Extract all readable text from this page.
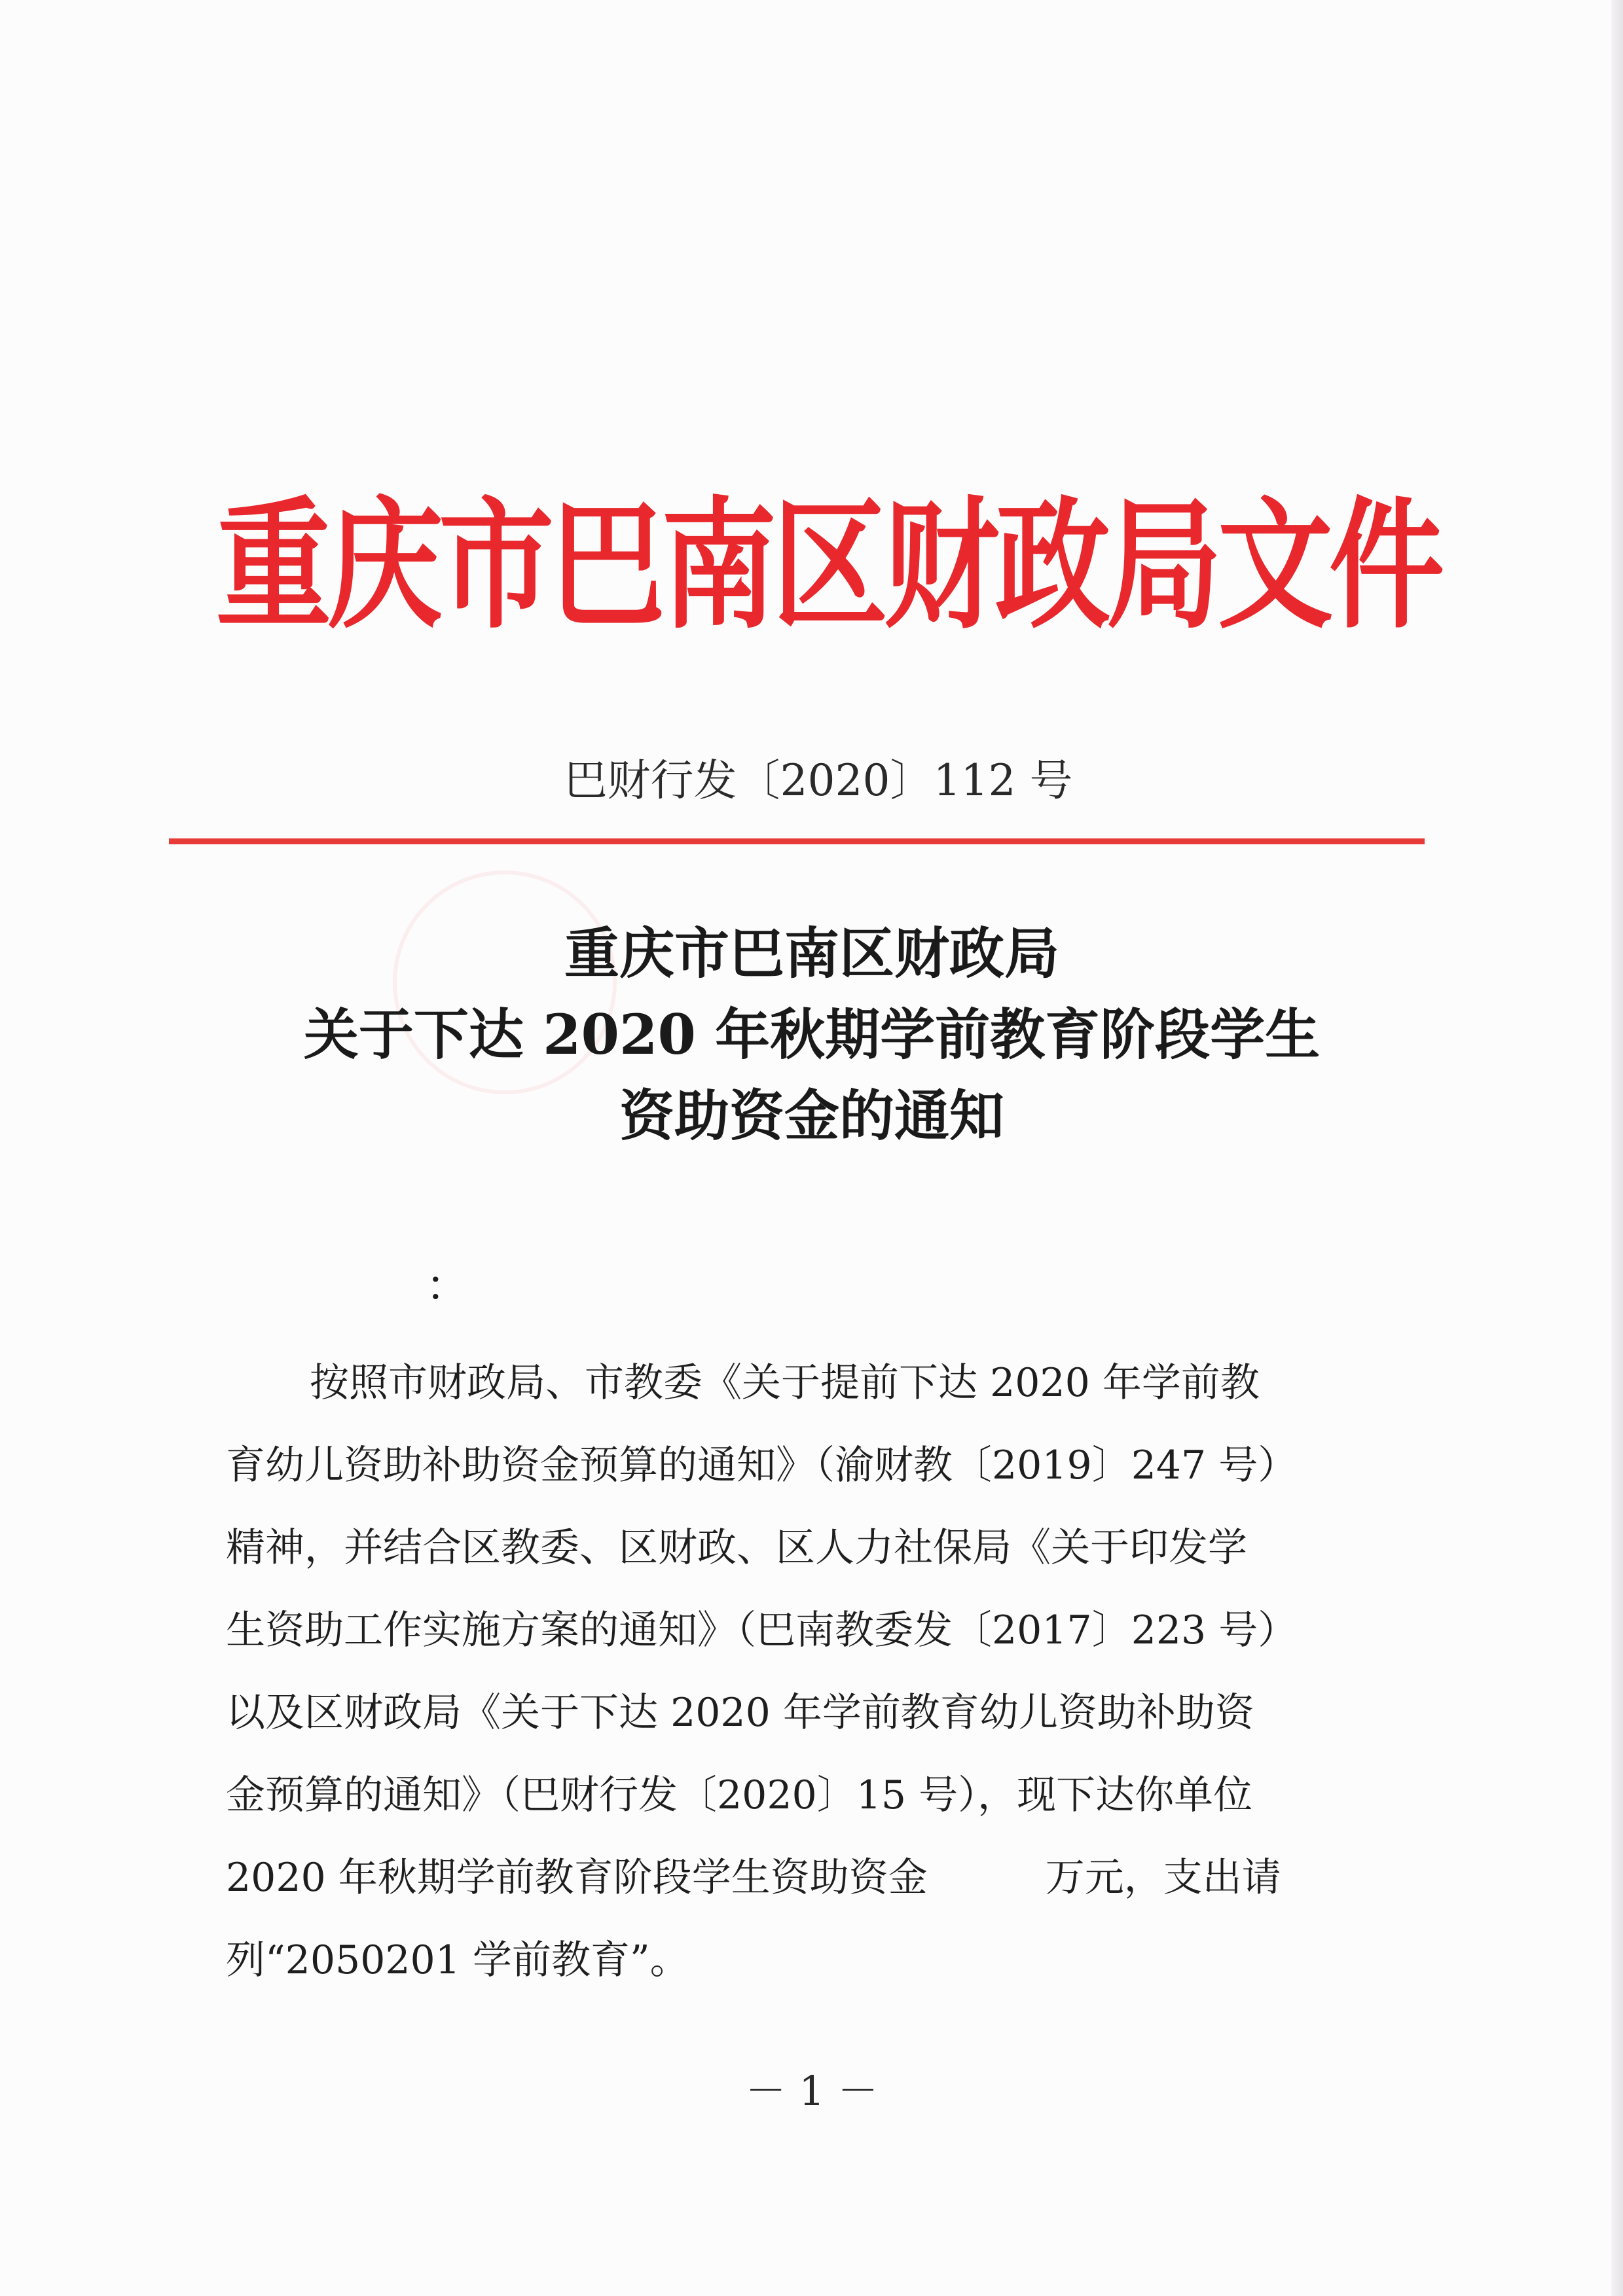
重庆市巴南区财政局文件
巴财行发〔2020〕112 号
重庆市巴南区财政局
关于下达 2020 年秋期学前教育阶段学生
资助资金的通知
：
按照市财政局、市教委《关于提前下达 2020 年学前教
育幼儿资助补助资金预算的通知》（渝财教〔2019〕247 号）
精神，并结合区教委、区财政、区人力社保局《关于印发学
生资助工作实施方案的通知》（巴南教委发〔2017〕223 号）
以及区财政局《关于下达 2020 年学前教育幼儿资助补助资
金预算的通知》（巴财行发〔2020〕15 号），现下达你单位
2020 年秋期学前教育阶段学生资助资金　　　万元，支出请
列“2050201 学前教育”。
－ 1 －
